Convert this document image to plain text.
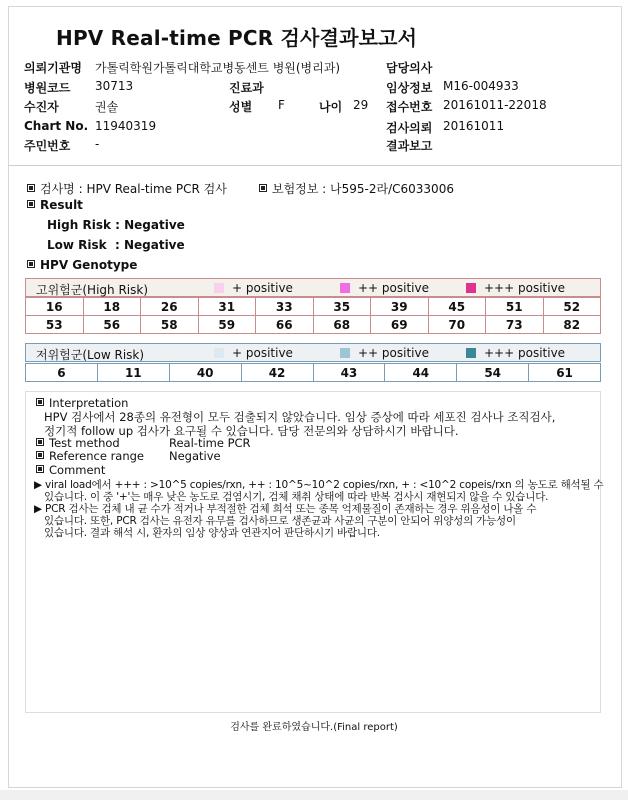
HPV Real-time PCR 검사결과보고서
의뢰기관명 가톨릭학원가톨릭대학교병동센트 병원(병리과)	담당의사
병원코드 30713	진료과	임상정보 M16-004933
수진자	권솔	성별 F	나이 29 접수번호 20161011-22018
Chart No. 11940319	검사의뢰 20161011
주민번호 -	결과보고
검사명 : HPV Real-time PCR 검사	보험정보 : 나595-2라/C6033006
Result
High Risk : Negative
Low Risk  : Negative
HPV Genotype
고위험군(High Risk)	+ positive	++ positive	+++ positive
16	18	26	31	33	35	39	45	51	52
53	56	58	59	66	68	69	70	73	82
저위험군(Low Risk)	+ positive	++ positive	+++ positive
6	11	40	42	43	44	54	61
Interpretation
HPV 검사에서 28종의 유전형이 모두 검출되지 않았습니다. 임상 증상에 따라 세포진 검사나 조직검사,
정기적 follow up 검사가 요구될 수 있습니다. 담당 전문의와 상담하시기 바랍니다.
Test method	Real-time PCR
Reference range Negative
Comment
▶ viral load에서 +++ : >10^5 copies/rxn, ++ : 10^5~10^2 copies/rxn, + : <10^2 copeis/rxn 의 농도로 해석될 수
있습니다. 이 중 '+'는 매우 낮은 농도로 검염시기, 검체 채취 상태에 따라 반복 검사시 재현되지 않을 수 있습니다.
▶ PCR 검사는 검체 내 균 수가 적거나 부적절한 검체 희석 또는 종목 억제물질이 존재하는 경우 위음성이 나올 수
있습니다. 또한, PCR 검사는 유전자 유무를 검사하므로 생존균과 사균의 구분이 안되어 위양성의 가능성이
있습니다. 결과 해석 시, 환자의 임상 양상과 연관지어 판단하시기 바랍니다.
검사를 완료하였습니다.(Final report)
